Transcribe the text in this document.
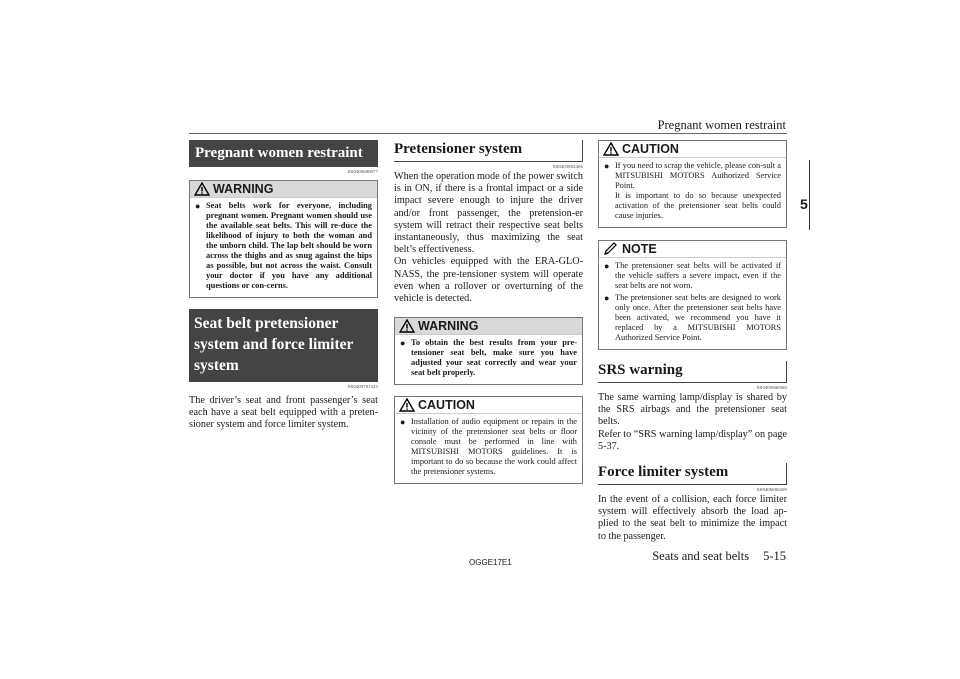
Pregnant women restraint
5
Pregnant women restraint
E00405600077
WARNING
● Seat belts work for everyone, including pregnant women. Pregnant women should use the available seat belts. This will re-duce the likelihood of injury to both the woman and the unborn child. The lap belt should be worn across the thighs and as snug against the hips as possible, but not across the waist. Consult your doctor if you have any additional questions or con-cerns.
Seat belt pretensioner system and force limiter system
E00405701323

The driver’s seat and front passenger’s seat each have a seat belt equipped with a preten-sioner system and force limiter system.

Pretensioner system
E00405802406

When the operation mode of the power switch is in ON, if there is a frontal impact or a side impact severe enough to injure the driver and/or front passenger, the pretension-er system will retract their respective seat belts instantaneously, thus maximizing the seat belt’s effectiveness.

On vehicles equipped with the ERA-GLO-NASS, the pre-tensioner system will operate even when a rollover or overturning of the vehicle is detected.

WARNING
● To obtain the best results from your pre-tensioner seat belt, make sure you have adjusted your seat correctly and wear your seat belt properly.
CAUTION
● Installation of audio equipment or repairs in the vicinity of the pretensioner seat belts or floor console must be performed in line with MITSUBISHI MOTORS guidelines. It is important to do so because the work could affect the pretensioner systems.
CAUTION
● If you need to scrap the vehicle, please con-sult a MITSUBISHI MOTORS Authorized Service Point.
It is important to do so because unexpected activation of the pretensioner seat belts could cause injuries.
NOTE
● The pretensioner seat belts will be activated if the vehicle suffers a severe impact, even if the seat belts are not worn.
● The pretensioner seat belts are designed to work only once. After the pretensioner seat belts have been activated, we recommend you have it replaced by a MITSUBISHI MOTORS Authorized Service Point.
SRS warning
E00405900360

The same warning lamp/display is shared by the SRS airbags and the pretensioner seat belts.

Refer to “SRS warning lamp/display” on page 5-37.

Force limiter system
E00406000209

In the event of a collision, each force limiter system will effectively absorb the load ap-plied to the seat belt to minimize the impact to the passenger.

OGGE17E1	Seats and seat belts 5-15
